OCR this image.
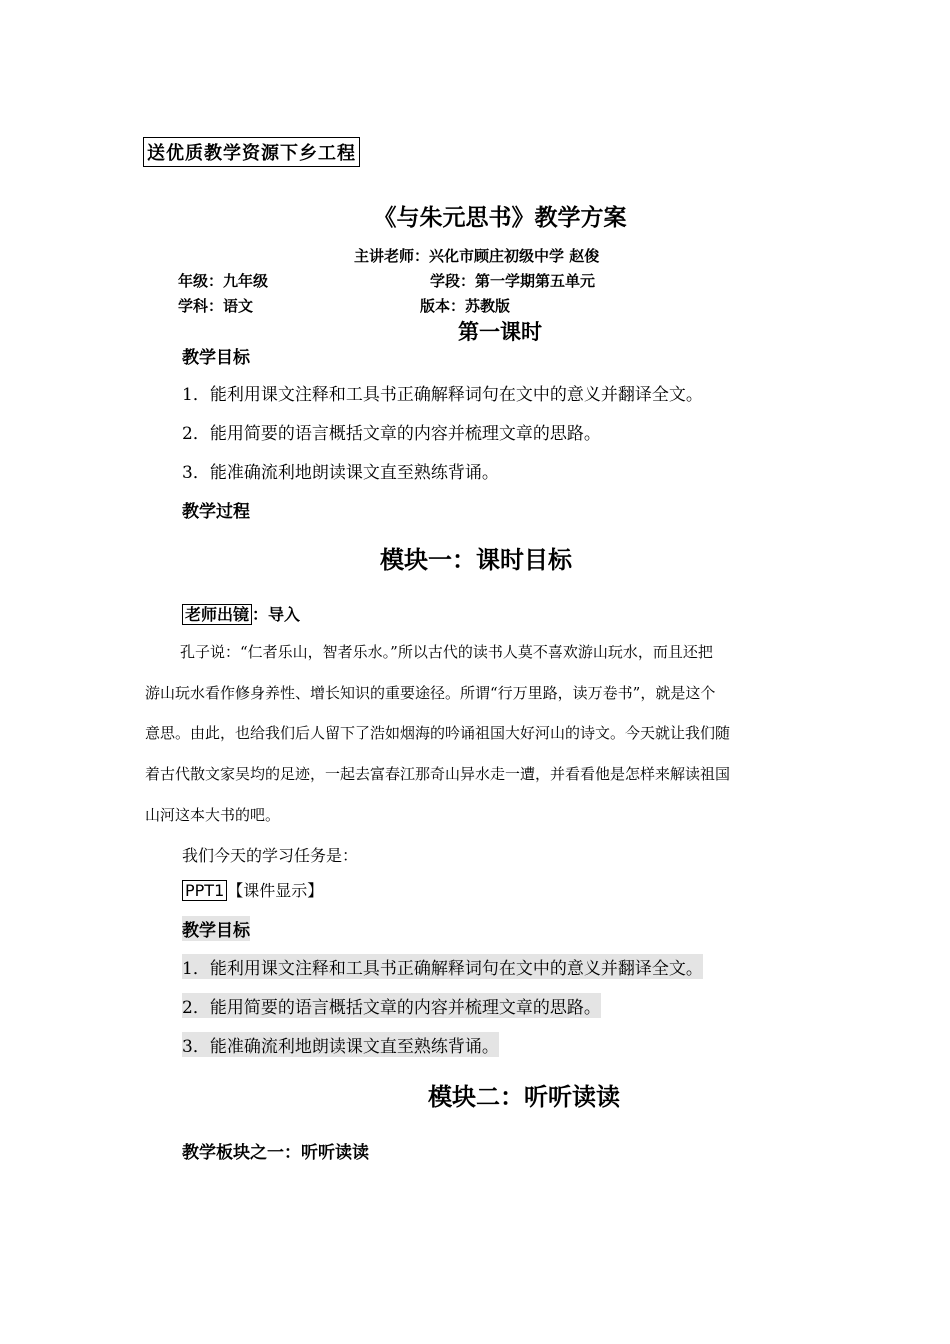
送优质教学资源下乡工程
《与朱元思书》教学方案
主讲老师：兴化市顾庄初级中学 赵俊
年级：九年级	学段：第一学期第五单元
学科：语文	版本：苏教版
第一课时
教学目标
1．能利用课文注释和工具书正确解释词句在文中的意义并翻译全文。
2．能用简要的语言概括文章的内容并梳理文章的思路。
3．能准确流利地朗读课文直至熟练背诵。
教学过程
模块一：课时目标
老师出镜 ：导入
孔子说：“仁者乐山，智者乐水。”所以古代的读书人莫不喜欢游山玩水，而且还把
游山玩水看作修身养性、增长知识的重要途径。所谓“行万里路，读万卷书”，就是这个
意思。由此，也给我们后人留下了浩如烟海的吟诵祖国大好河山的诗文。今天就让我们随
着古代散文家吴均的足迹，一起去富春江那奇山异水走一遭，并看看他是怎样来解读祖国
山河这本大书的吧。
我们今天的学习任务是：
PPT1 【课件显示】
教学目标
1．能利用课文注释和工具书正确解释词句在文中的意义并翻译全文。
2．能用简要的语言概括文章的内容并梳理文章的思路。
3．能准确流利地朗读课文直至熟练背诵。
模块二：听听读读
教学板块之一：听听读读
